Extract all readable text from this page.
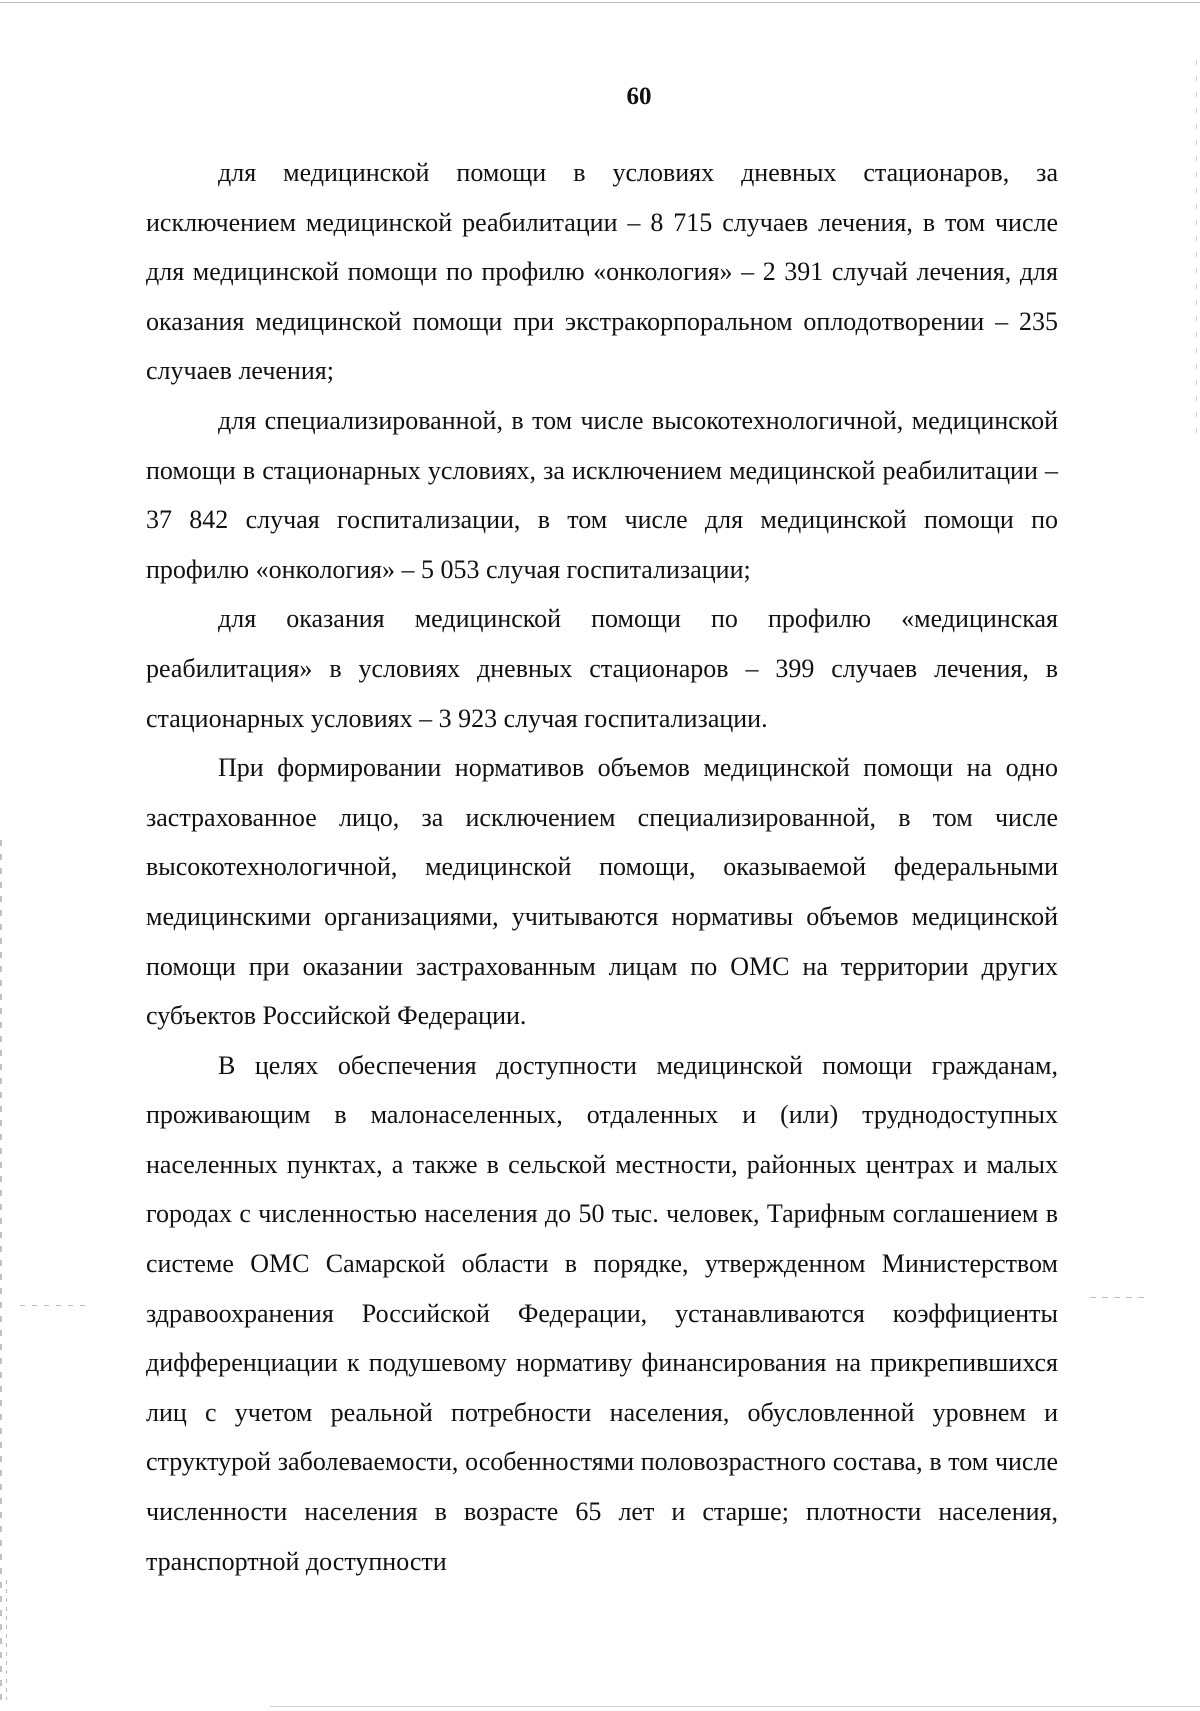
60

для медицинской помощи в условиях дневных стационаров, за исключением медицинской реабилитации – 8 715 случаев лечения, в том числе для медицинской помощи по профилю «онкология» – 2 391 случай лечения, для оказания медицинской помощи при экстракорпоральном оплодотворении – 235 случаев лечения;

для специализированной, в том числе высокотехнологичной, медицинской помощи в стационарных условиях, за исключением медицинской реабилитации – 37 842 случая госпитализации, в том числе для медицинской помощи по профилю «онкология» – 5 053 случая госпитализации;

для оказания медицинской помощи по профилю «медицинская реабилитация» в условиях дневных стационаров – 399 случаев лечения, в стационарных условиях – 3 923 случая госпитализации.

При формировании нормативов объемов медицинской помощи на одно застрахованное лицо, за исключением специализированной, в том числе высокотехнологичной, медицинской помощи, оказываемой федеральными медицинскими организациями, учитываются нормативы объемов медицинской помощи при оказании застрахованным лицам по ОМС на территории других субъектов Российской Федерации.

В целях обеспечения доступности медицинской помощи гражданам, проживающим в малонаселенных, отдаленных и (или) труднодоступных населенных пунктах, а также в сельской местности, районных центрах и малых городах с численностью населения до 50 тыс. человек, Тарифным соглашением в системе ОМС Самарской области в порядке, утвержденном Министерством здравоохранения Российской Федерации, устанавливаются коэффициенты дифференциации к подушевому нормативу финансирования на прикрепившихся лиц с учетом реальной потребности населения, обусловленной уровнем и структурой заболеваемости, особенностями половозрастного состава, в том числе численности населения в возрасте 65 лет и старше; плотности населения, транспортной доступности
